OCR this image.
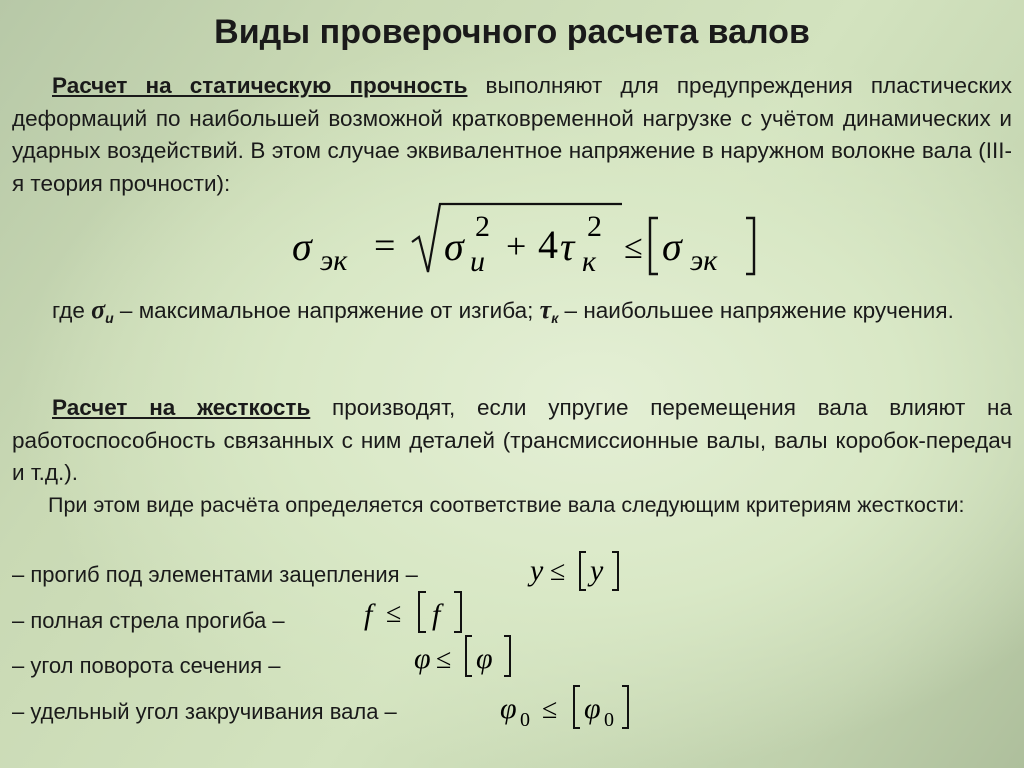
Виды проверочного расчета валов
Расчет на статическую прочность выполняют для предупреждения пластических деформаций по наибольшей возможной кратковременной нагрузке с учётом динамических и ударных воздействий. В этом случае эквивалентное напряжение в наружном волокне вала (III-я теория прочности):
σ эк = σ и
2 + 4 τ к
2
≤ σ эк
где $\sigma_и$ – максимальное напряжение от изгиба; $\tau_к$ – наибольшее напряжение кручения.
Расчет на жесткость производят, если упругие перемещения вала влияют на работоспособность связанных с ним деталей (трансмиссионные валы, валы коробок-передач и т.д.).
При этом виде расчёта определяется соответствие вала следующим критериям жесткости:
– прогиб под элементами зацепления –	y ≤ y
– полная стрела прогиба –	f ≤ f
– угол поворота сечения –	φ ≤ φ
– удельный угол закручивания вала –	φ 0 ≤ φ 0
